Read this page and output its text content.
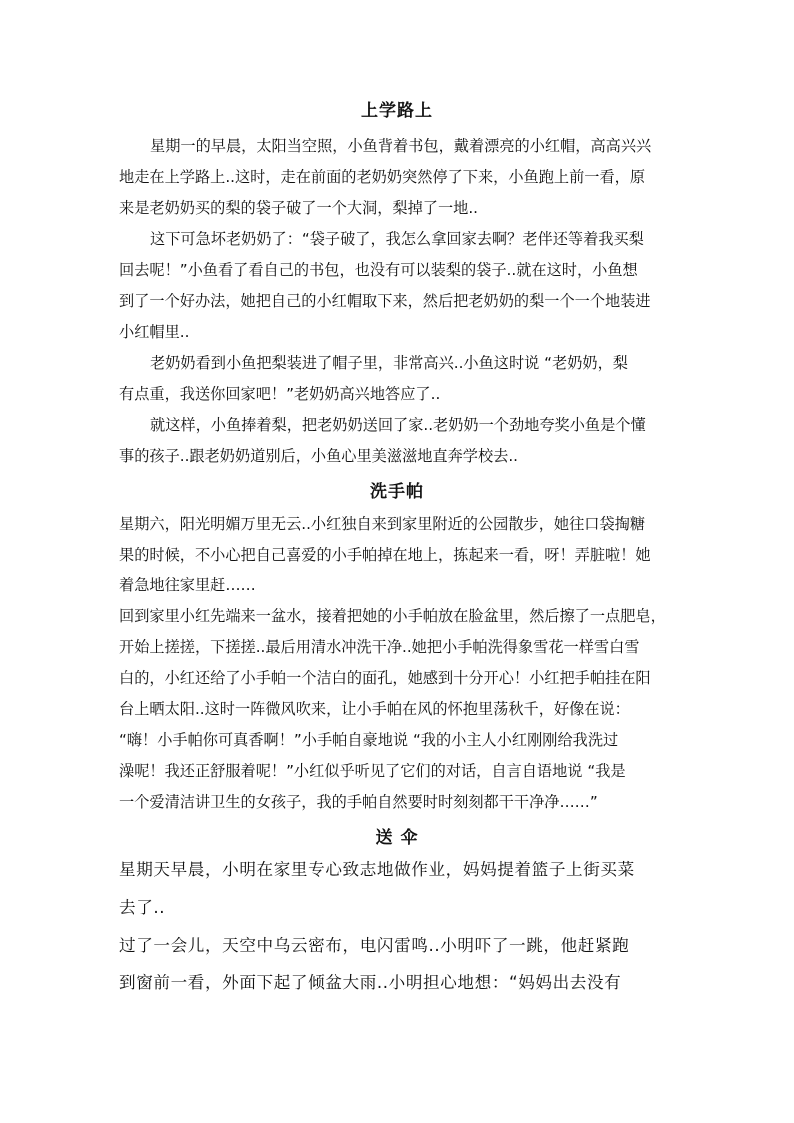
上学路上
星期一的早晨，太阳当空照，小鱼背着书包，戴着漂亮的小红帽，高高兴兴
地走在上学路上..这时，走在前面的老奶奶突然停了下来，小鱼跑上前一看，原
来是老奶奶买的梨的袋子破了一个大洞，梨掉了一地..
这下可急坏老奶奶了：“袋子破了，我怎么拿回家去啊？老伴还等着我买梨
回去呢！”小鱼看了看自己的书包，也没有可以装梨的袋子..就在这时，小鱼想
到了一个好办法，她把自己的小红帽取下来，然后把老奶奶的梨一个一个地装进
小红帽里..
老奶奶看到小鱼把梨装进了帽子里，非常高兴..小鱼这时说 “老奶奶，梨
有点重，我送你回家吧！”老奶奶高兴地答应了..
就这样，小鱼捧着梨，把老奶奶送回了家..老奶奶一个劲地夸奖小鱼是个懂
事的孩子..跟老奶奶道别后，小鱼心里美滋滋地直奔学校去..
洗手帕
星期六，阳光明媚万里无云..小红独自来到家里附近的公园散步，她往口袋掏糖
果的时候，不小心把自己喜爱的小手帕掉在地上，拣起来一看，呀！弄脏啦！她
着急地往家里赶……
回到家里小红先端来一盆水，接着把她的小手帕放在脸盆里，然后擦了一点肥皂，
开始上搓搓，下搓搓..最后用清水冲洗干净..她把小手帕洗得象雪花一样雪白雪
白的，小红还给了小手帕一个洁白的面孔，她感到十分开心！小红把手帕挂在阳
台上晒太阳..这时一阵微风吹来，让小手帕在风的怀抱里荡秋千，好像在说：
“嗨！小手帕你可真香啊！”小手帕自豪地说 “我的小主人小红刚刚给我洗过
澡呢！我还正舒服着呢！”小红似乎听见了它们的对话，自言自语地说 “我是
一个爱清洁讲卫生的女孩子，我的手帕自然要时时刻刻都干干净净……”
送 伞
星期天早晨，小明在家里专心致志地做作业，妈妈提着篮子上街买菜
去了..
过了一会儿，天空中乌云密布，电闪雷鸣..小明吓了一跳，他赶紧跑
到窗前一看，外面下起了倾盆大雨..小明担心地想：“妈妈出去没有
